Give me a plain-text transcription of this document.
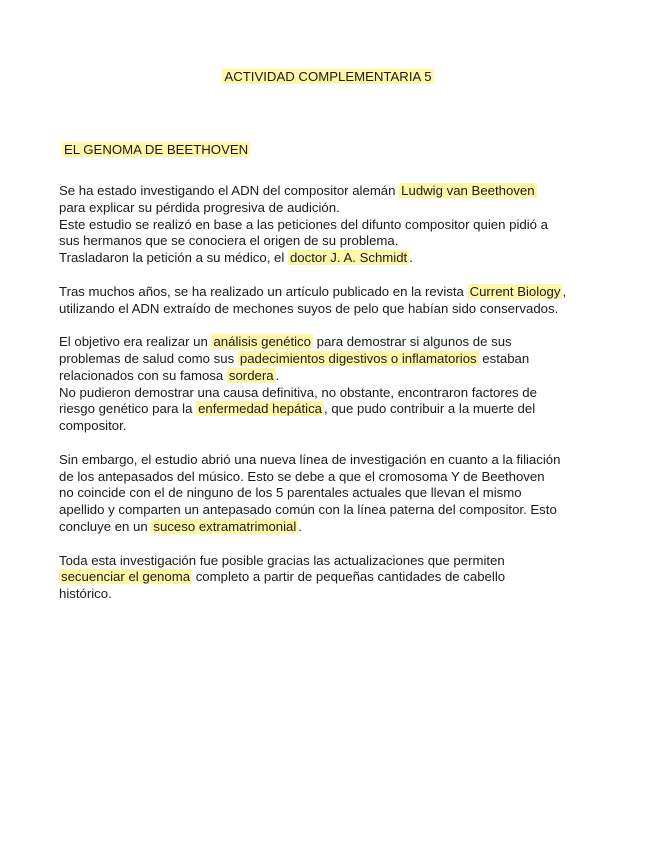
ACTIVIDAD COMPLEMENTARIA 5
EL GENOMA DE BEETHOVEN
Se ha estado investigando el ADN del compositor alemán Ludwig van Beethoven
para explicar su pérdida progresiva de audición.
Este estudio se realizó en base a las peticiones del difunto compositor quien pidió a
sus hermanos que se conociera el origen de su problema.
Trasladaron la petición a su médico, el doctor J. A. Schmidt .
Tras muchos años, se ha realizado un artículo publicado en la revista Current Biology ,
utilizando el ADN extraído de mechones suyos de pelo que habían sido conservados.
El objetivo era realizar un análisis genético para demostrar si algunos de sus
problemas de salud como sus padecimientos digestivos o inflamatorios estaban
relacionados con su famosa sordera .
No pudieron demostrar una causa definitiva, no obstante, encontraron factores de
riesgo genético para la enfermedad hepática , que pudo contribuir a la muerte del
compositor.
Sin embargo, el estudio abrió una nueva línea de investigación en cuanto a la filiación
de los antepasados del músico. Esto se debe a que el cromosoma Y de Beethoven
no coincide con el de ninguno de los 5 parentales actuales que llevan el mismo
apellido y comparten un antepasado común con la línea paterna del compositor. Esto
concluye en un suceso extramatrimonial .
Toda esta investigación fue posible gracias las actualizaciones que permiten
secuenciar el genoma completo a partir de pequeñas cantidades de cabello
histórico.
